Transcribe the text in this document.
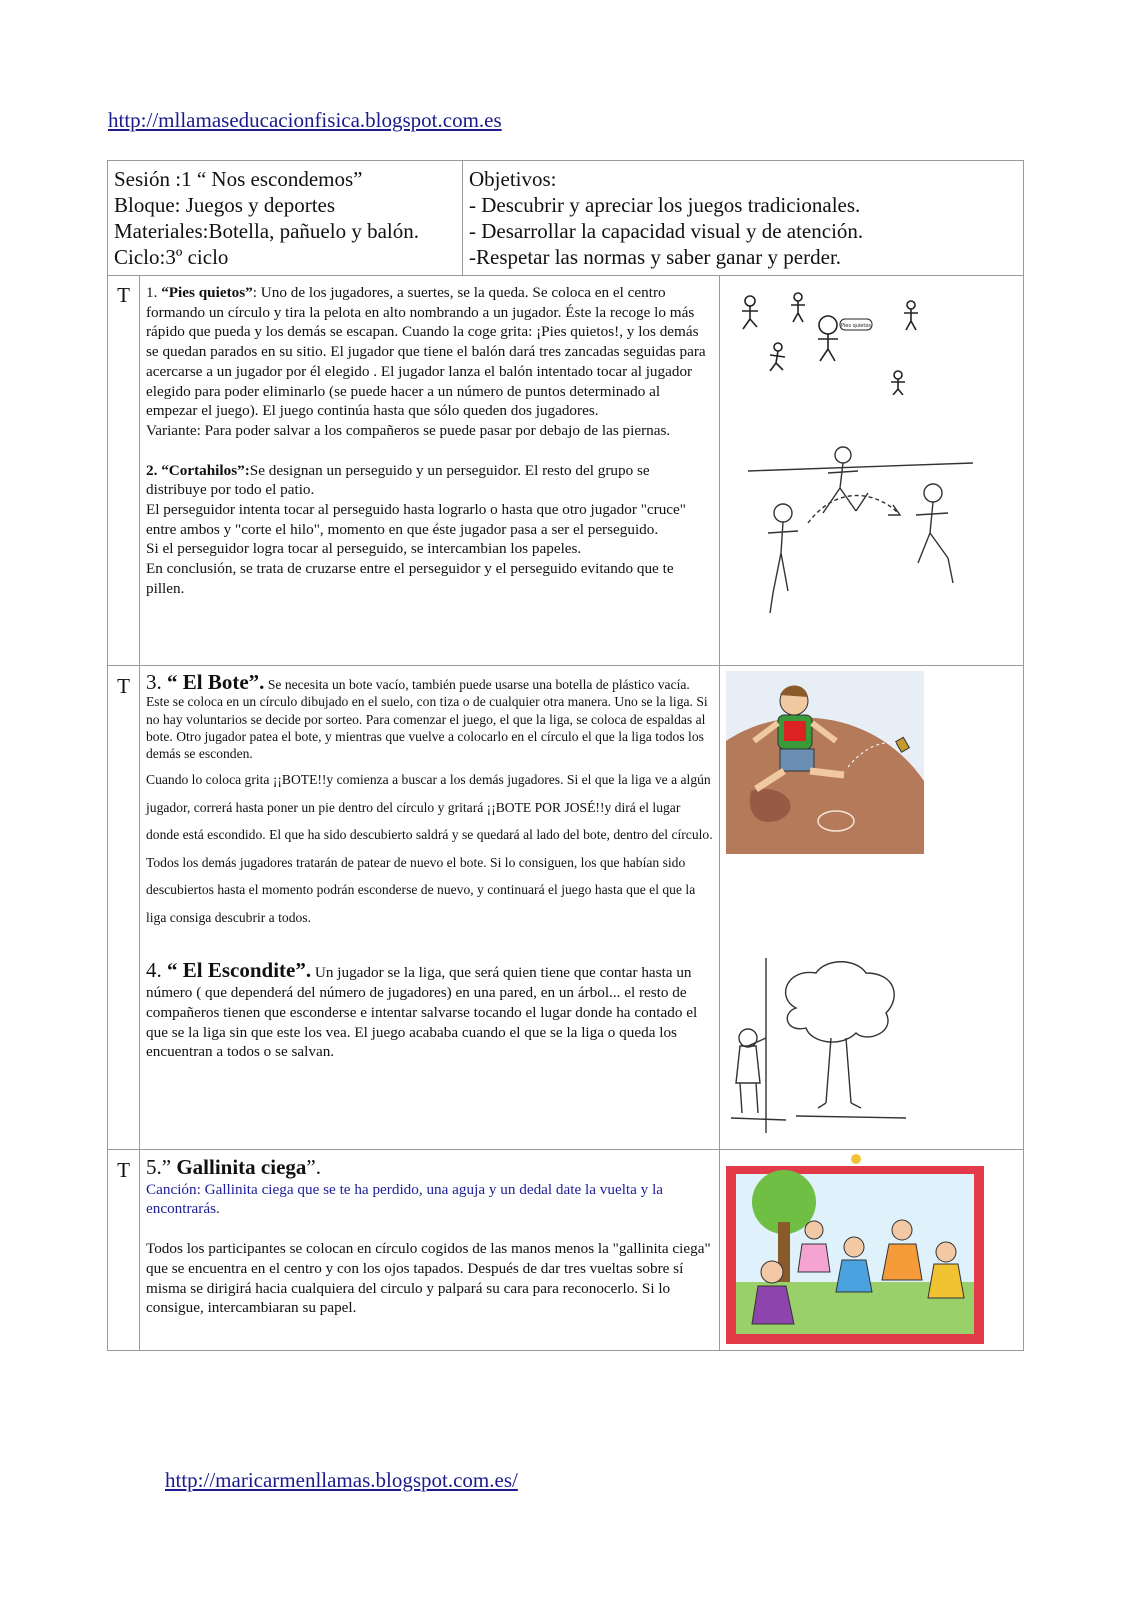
http://mllamaseducacionfisica.blogspot.com.es
Sesión :1 “ Nos escondemos”
Bloque: Juegos y deportes
Materiales:Botella, pañuelo y balón.
Ciclo:3º ciclo
Objetivos:
- Descubrir y apreciar los juegos tradicionales.
- Desarrollar la capacidad visual y de atención.
-Respetar las normas y saber ganar y perder.
T	1. “Pies quietos”: Uno de los jugadores, a suertes, se la queda. Se coloca en el centro formando un círculo y tira la pelota en alto nombrando a un jugador. Éste la recoge lo más rápido que pueda y los demás se escapan. Cuando la coge grita: ¡Pies quietos!, y los demás se quedan parados en su sitio. El jugador que tiene el balón dará tres zancadas seguidas para acercarse a un jugador por él elegido . El jugador lanza el balón intentado tocar al jugador elegido para poder eliminarlo (se puede hacer a un número de puntos determinado al empezar el juego). El juego continúa hasta que sólo queden dos jugadores.

Variante: Para poder salvar a los compañeros se puede pasar por debajo de las piernas.

2. “Cortahilos”:Se designan un perseguido y un perseguidor. El resto del grupo se distribuye por todo el patio.

El perseguidor intenta tocar al perseguido hasta lograrlo o hasta que otro jugador "cruce" entre ambos y "corte el hilo", momento en que éste jugador pasa a ser el perseguido.

Si el perseguidor logra tocar al perseguido, se intercambian los papeles.

En conclusión, se trata de cruzarse entre el perseguidor y el perseguido evitando que te pillen.

Pies quietos
T 3. “ El Bote”. Se necesita un bote vacío, también puede usarse una botella de plástico vacía. Este se coloca en un círculo dibujado en el suelo, con tiza o de cualquier otra manera. Uno se la liga. Si no hay voluntarios se decide por sorteo. Para comenzar el juego, el que la liga, se coloca de espaldas al bote. Otro jugador patea el bote, y mientras que vuelve a colocarlo en el círculo el que la liga todos los demás se esconden.

Cuando lo coloca grita ¡¡BOTE!!y comienza a buscar a los demás jugadores. Si el que la liga ve a algún jugador, correrá hasta poner un pie dentro del círculo y gritará ¡¡BOTE POR JOSÉ!!y dirá el lugar donde está escondido. El que ha sido descubierto saldrá y se quedará al lado del bote, dentro del círculo. Todos los demás jugadores tratarán de patear de nuevo el bote. Si lo consiguen, los que habían sido descubiertos hasta el momento podrán esconderse de nuevo, y continuará el juego hasta que el que la liga consiga descubrir a todos.

4. “ El Escondite”. Un jugador se la liga, que será quien tiene que contar hasta un número ( que dependerá del número de jugadores) en una pared, en un árbol... el resto de compañeros tienen que esconderse e intentar salvarse tocando el lugar donde ha contado el que se la liga sin que este los vea. El juego acababa cuando el que se la liga o queda los encuentran a todos o se salvan.

T 5.” Gallinita ciega”.

Canción: Gallinita ciega que se te ha perdido, una aguja y un dedal date la vuelta y la encontrarás.

Todos los participantes se colocan en círculo cogidos de las manos menos la "gallinita ciega" que se encuentra en el centro y con los ojos tapados. Después de dar tres vueltas sobre sí misma se dirigirá hacia cualquiera del circulo y palpará su cara para reconocerlo. Si lo consigue, intercambiaran su papel.

http://maricarmenllamas.blogspot.com.es/
